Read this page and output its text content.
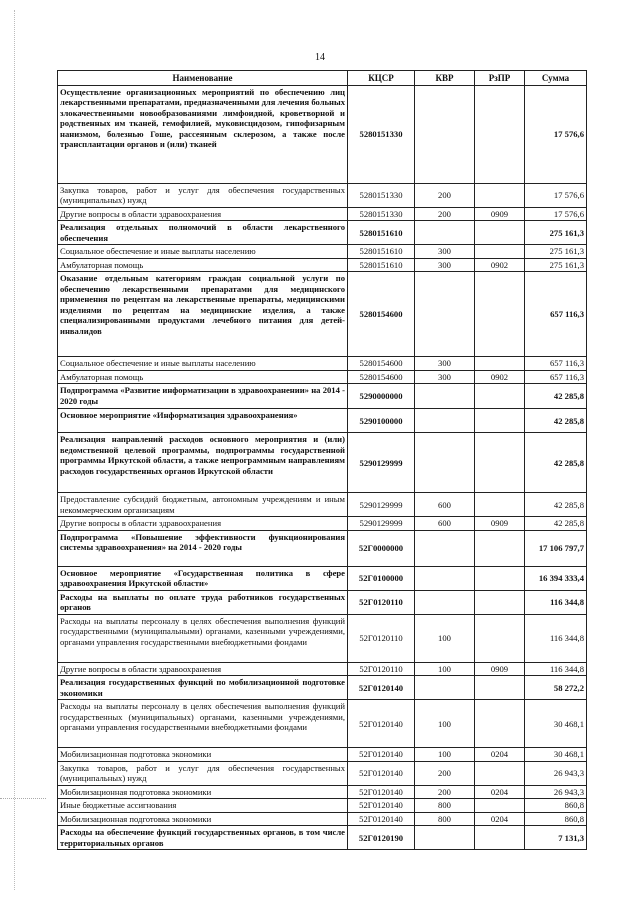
14
Наименование	КЦСР	КВР	РзПР	Сумма
Осуществление организационных мероприятий по обеспечению лиц лекарственными препаратами, предназначенными для лечения больных злокачественными новообразованиями лимфоидной, кроветворной и родственных им тканей, гемофилией, муковисцидозом, гипофизарным нанизмом, болезнью Гоше, рассеянным склерозом, а также после трансплантации органов и (или) тканей	5280151330			17 576,6
Закупка товаров, работ и услуг для обеспечения государственных (муниципальных) нужд	5280151330	200		17 576,6
Другие вопросы в области здравоохранения	5280151330	200	0909	17 576,6
Реализация отдельных полномочий в области лекарственного обеспечения	5280151610			275 161,3
Социальное обеспечение и иные выплаты населению	5280151610	300		275 161,3
Амбулаторная помощь	5280151610	300	0902	275 161,3
Оказание отдельным категориям граждан социальной услуги по обеспечению лекарственными препаратами для медицинского применения по рецептам на лекарственные препараты, медицинскими изделиями по рецептам на медицинские изделия, а также специализированными продуктами лечебного питания для детей-инвалидов	5280154600			657 116,3
Социальное обеспечение и иные выплаты населению	5280154600	300		657 116,3
Амбулаторная помощь	5280154600	300	0902	657 116,3
Подпрограмма «Развитие информатизации в здравоохранении» на 2014 - 2020 годы	5290000000			42 285,8
Основное мероприятие «Информатизация здравоохранения»	5290100000			42 285,8
Реализация направлений расходов основного мероприятия и (или) ведомственной целевой программы, подпрограммы государственной программы Иркутской области, а также непрограммным направлениям расходов государственных органов Иркутской области	5290129999			42 285,8
Предоставление субсидий бюджетным, автономным учреждениям и иным некоммерческим организациям	5290129999	600		42 285,8
Другие вопросы в области здравоохранения	5290129999	600	0909	42 285,8
Подпрограмма «Повышение эффективности функционирования системы здравоохранения» на 2014 - 2020 годы	52Г0000000			17 106 797,7
Основное мероприятие «Государственная политика в сфере здравоохранения Иркутской области»	52Г0100000			16 394 333,4
Расходы на выплаты по оплате труда работников государственных органов	52Г0120110			116 344,8
Расходы на выплаты персоналу в целях обеспечения выполнения функций государственными (муниципальными) органами, казенными учреждениями, органами управления государственными внебюджетными фондами	52Г0120110	100		116 344,8
Другие вопросы в области здравоохранения	52Г0120110	100	0909	116 344,8
Реализация государственных функций по мобилизационной подготовке экономики	52Г0120140			58 272,2
Расходы на выплаты персоналу в целях обеспечения выполнения функций государственных (муниципальных) органами, казенными учреждениями, органами управления государственными внебюджетными фондами	52Г0120140	100		30 468,1
Мобилизационная подготовка экономики	52Г0120140	100	0204	30 468,1
Закупка товаров, работ и услуг для обеспечения государственных (муниципальных) нужд	52Г0120140	200		26 943,3
Мобилизационная подготовка экономики	52Г0120140	200	0204	26 943,3
Иные бюджетные ассигнования	52Г0120140	800		860,8
Мобилизационная подготовка экономики	52Г0120140	800	0204	860,8
Расходы на обеспечение функций государственных органов, в том числе территориальных органов	52Г0120190			7 131,3
